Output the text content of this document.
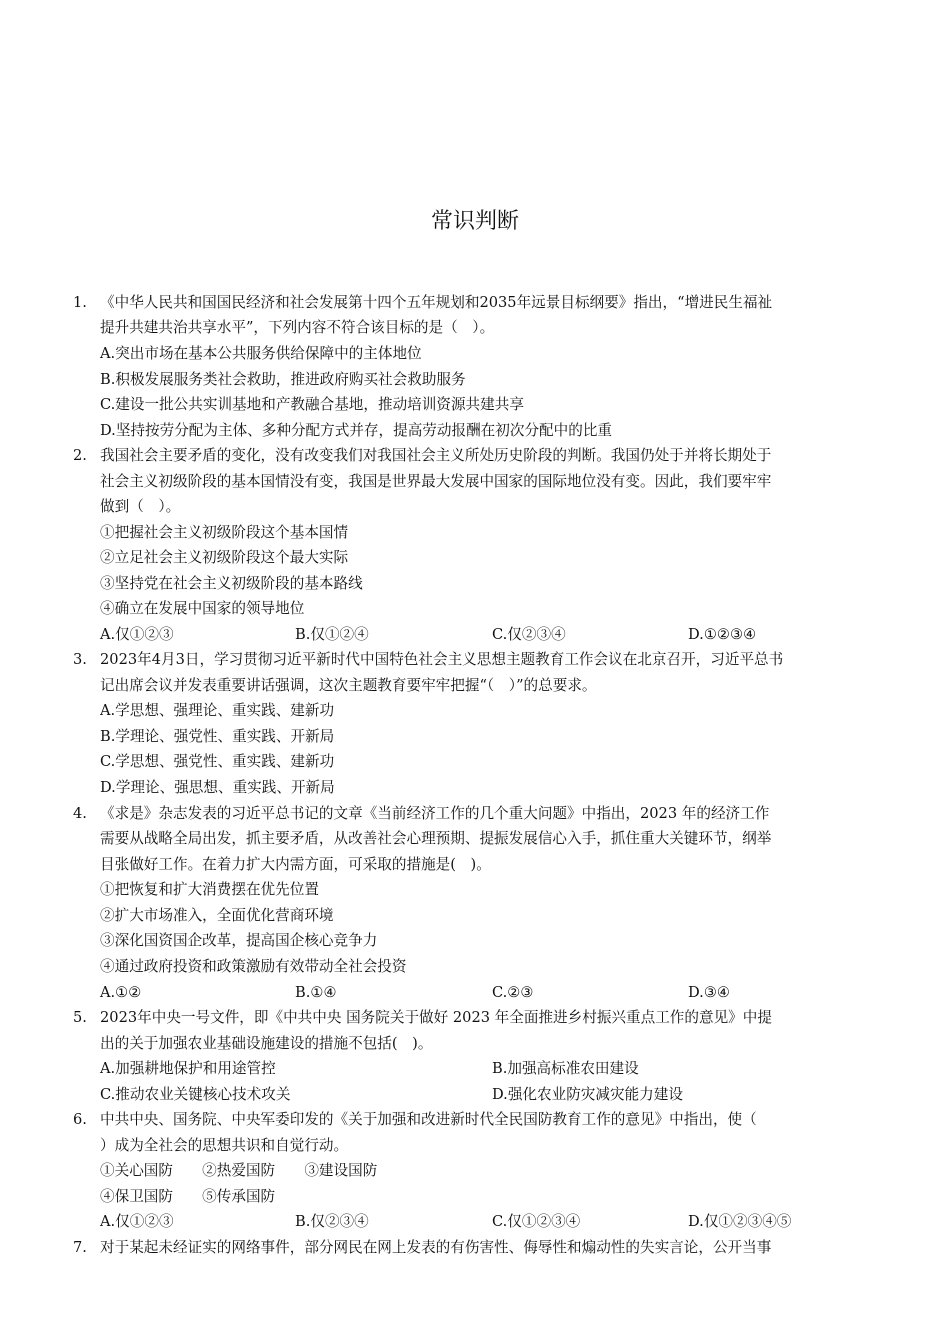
常识判断
1. 《中华人民共和国国民经济和社会发展第十四个五年规划和2035年远景目标纲要》指出，“增进民生福祉
提升共建共治共享水平”，下列内容不符合该目标的是（　）。
A.突出市场在基本公共服务供给保障中的主体地位
B.积极发展服务类社会救助，推进政府购买社会救助服务
C.建设一批公共实训基地和产教融合基地，推动培训资源共建共享
D.坚持按劳分配为主体、多种分配方式并存，提高劳动报酬在初次分配中的比重
2. 我国社会主要矛盾的变化，没有改变我们对我国社会主义所处历史阶段的判断。我国仍处于并将长期处于
社会主义初级阶段的基本国情没有变，我国是世界最大发展中国家的国际地位没有变。因此，我们要牢牢
做到（　）。
①把握社会主义初级阶段这个基本国情
②立足社会主义初级阶段这个最大实际
③坚持党在社会主义初级阶段的基本路线
④确立在发展中国家的领导地位
A.仅①②③	B.仅①②④	C.仅②③④	D.①②③④
3. 2023年4月3日，学习贯彻习近平新时代中国特色社会主义思想主题教育工作会议在北京召开，习近平总书
记出席会议并发表重要讲话强调，这次主题教育要牢牢把握“（　）”的总要求。
A.学思想、强理论、重实践、建新功
B.学理论、强党性、重实践、开新局
C.学思想、强党性、重实践、建新功
D.学理论、强思想、重实践、开新局
4. 《求是》杂志发表的习近平总书记的文章《当前经济工作的几个重大问题》中指出，2023 年的经济工作
需要从战略全局出发，抓主要矛盾，从改善社会心理预期、提振发展信心入手，抓住重大关键环节，纲举
目张做好工作。在着力扩大内需方面，可采取的措施是(　)。
①把恢复和扩大消费摆在优先位置
②扩大市场准入，全面优化营商环境
③深化国资国企改革，提高国企核心竞争力
④通过政府投资和政策激励有效带动全社会投资
A.①②	B.①④	C.②③	D.③④
5. 2023年中央一号文件，即《中共中央 国务院关于做好 2023 年全面推进乡村振兴重点工作的意见》中提
出的关于加强农业基础设施建设的措施不包括(　)。
A.加强耕地保护和用途管控	B.加强高标准农田建设
C.推动农业关键核心技术攻关	D.强化农业防灾减灾能力建设
6. 中共中央、国务院、中央军委印发的《关于加强和改进新时代全民国防教育工作的意见》中指出，使（
）成为全社会的思想共识和自觉行动。
①关心国防　　②热爱国防　　③建设国防
④保卫国防　　⑤传承国防
A.仅①②③	B.仅②③④	C.仅①②③④	D.仅①②③④⑤
7. 对于某起未经证实的网络事件，部分网民在网上发表的有伤害性、侮辱性和煽动性的失实言论，公开当事
